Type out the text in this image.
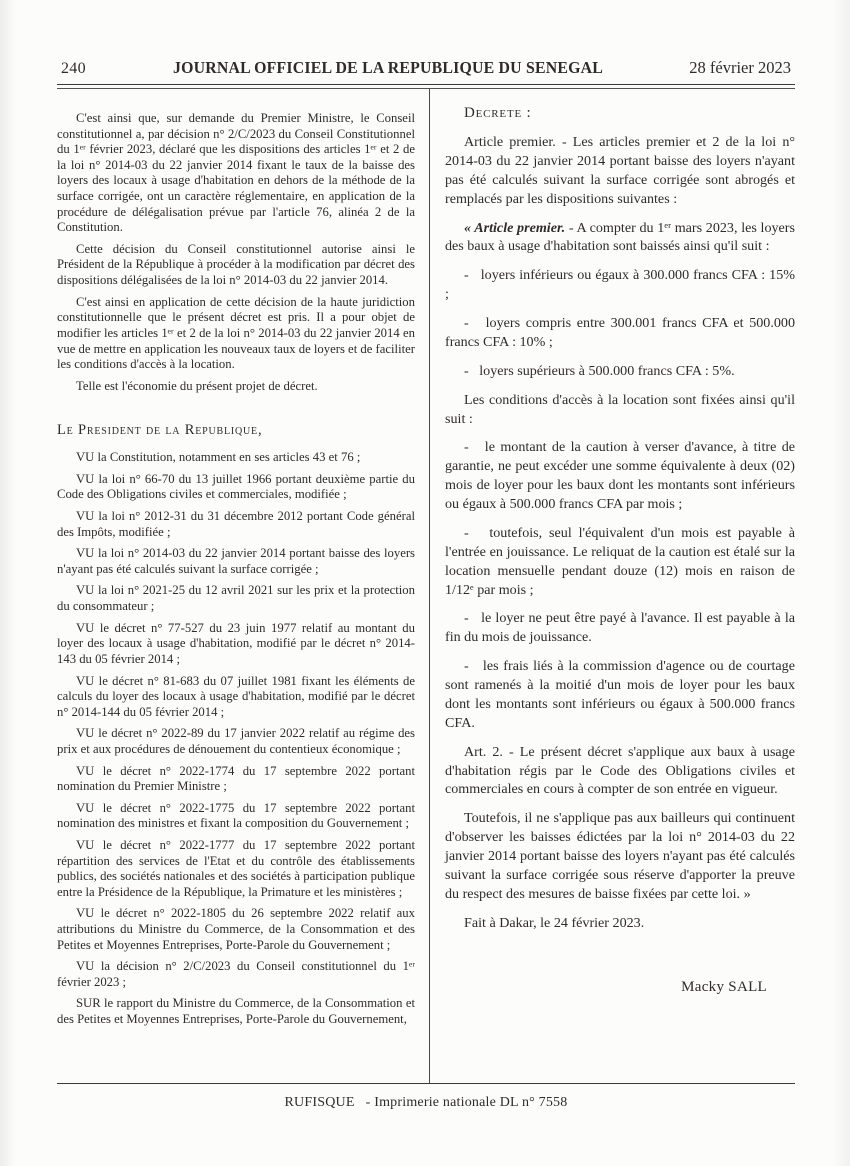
240	JOURNAL OFFICIEL DE LA REPUBLIQUE DU SENEGAL	28 février 2023

C'est ainsi que, sur demande du Premier Ministre, le Conseil constitutionnel a, par décision n° 2/C/2023 du Conseil Constitutionnel du 1ᵉʳ février 2023, déclaré que les dispositions des articles 1ᵉʳ et 2 de la loi n° 2014-03 du 22 janvier 2014 fixant le taux de la baisse des loyers des locaux à usage d'habitation en dehors de la méthode de la surface corrigée, ont un caractère réglementaire, en application de la procédure de délégalisation prévue par l'article 76, alinéa 2 de la Constitution.

Cette décision du Conseil constitutionnel autorise ainsi le Président de la République à procéder à la modification par décret des dispositions délégalisées de la loi n° 2014-03 du 22 janvier 2014.

C'est ainsi en application de cette décision de la haute juridiction constitutionnelle que le présent décret est pris. Il a pour objet de modifier les articles 1ᵉʳ et 2 de la loi n° 2014-03 du 22 janvier 2014 en vue de mettre en application les nouveaux taux de loyers et de faciliter les conditions d'accès à la location.

Telle est l'économie du présent projet de décret.

Le President de la Republique,

VU la Constitution, notamment en ses articles 43 et 76 ;

VU la loi n° 66-70 du 13 juillet 1966 portant deuxième partie du Code des Obligations civiles et commerciales, modifiée ;

VU la loi n° 2012-31 du 31 décembre 2012 portant Code général des Impôts, modifiée ;

VU la loi n° 2014-03 du 22 janvier 2014 portant baisse des loyers n'ayant pas été calculés suivant la surface corrigée ;

VU la loi n° 2021-25 du 12 avril 2021 sur les prix et la protection du consommateur ;

VU le décret n° 77-527 du 23 juin 1977 relatif au montant du loyer des locaux à usage d'habitation, modifié par le décret n° 2014-143 du 05 février 2014 ;

VU le décret n° 81-683 du 07 juillet 1981 fixant les éléments de calculs du loyer des locaux à usage d'habitation, modifié par le décret n° 2014-144 du 05 février 2014 ;

VU le décret n° 2022-89 du 17 janvier 2022 relatif au régime des prix et aux procédures de dénouement du contentieux économique ;

VU le décret n° 2022-1774 du 17 septembre 2022 portant nomination du Premier Ministre ;

VU le décret n° 2022-1775 du 17 septembre 2022 portant nomination des ministres et fixant la composition du Gouvernement ;

VU le décret n° 2022-1777 du 17 septembre 2022 portant répartition des services de l'Etat et du contrôle des établissements publics, des sociétés nationales et des sociétés à participation publique entre la Présidence de la République, la Primature et les ministères ;

VU le décret n° 2022-1805 du 26 septembre 2022 relatif aux attributions du Ministre du Commerce, de la Consommation et des Petites et Moyennes Entreprises, Porte-Parole du Gouvernement ;

VU la décision n° 2/C/2023 du Conseil constitutionnel du 1ᵉʳ février 2023 ;

SUR le rapport du Ministre du Commerce, de la Consommation et des Petites et Moyennes Entreprises, Porte-Parole du Gouvernement,

Decrete :

Article premier. - Les articles premier et 2 de la loi n° 2014-03 du 22 janvier 2014 portant baisse des loyers n'ayant pas été calculés suivant la surface corrigée sont abrogés et remplacés par les dispositions suivantes :

« Article premier. - A compter du 1ᵉʳ mars 2023, les loyers des baux à usage d'habitation sont baissés ainsi qu'il suit :

-   loyers inférieurs ou égaux à 300.000 francs CFA : 15% ;

-   loyers compris entre 300.001 francs CFA et 500.000 francs CFA : 10% ;

-   loyers supérieurs à 500.000 francs CFA : 5%.

Les conditions d'accès à la location sont fixées ainsi qu'il suit :

-   le montant de la caution à verser d'avance, à titre de garantie, ne peut excéder une somme équivalente à deux (02) mois de loyer pour les baux dont les montants sont inférieurs ou égaux à 500.000 francs CFA par mois ;

-   toutefois, seul l'équivalent d'un mois est payable à l'entrée en jouissance. Le reliquat de la caution est étalé sur la location mensuelle pendant douze (12) mois en raison de 1/12ᵉ par mois ;

-   le loyer ne peut être payé à l'avance. Il est payable à la fin du mois de jouissance.

-   les frais liés à la commission d'agence ou de courtage sont ramenés à la moitié d'un mois de loyer pour les baux dont les montants sont inférieurs ou égaux à 500.000 francs CFA.

Art. 2. - Le présent décret s'applique aux baux à usage d'habitation régis par le Code des Obligations civiles et commerciales en cours à compter de son entrée en vigueur.

Toutefois, il ne s'applique pas aux bailleurs qui continuent d'observer les baisses édictées par la loi n° 2014-03 du 22 janvier 2014 portant baisse des loyers n'ayant pas été calculés suivant la surface corrigée sous réserve d'apporter la preuve du respect des mesures de baisse fixées par cette loi. »

Fait à Dakar, le 24 février 2023.

Macky SALL

RUFISQUE   - Imprimerie nationale DL n° 7558
